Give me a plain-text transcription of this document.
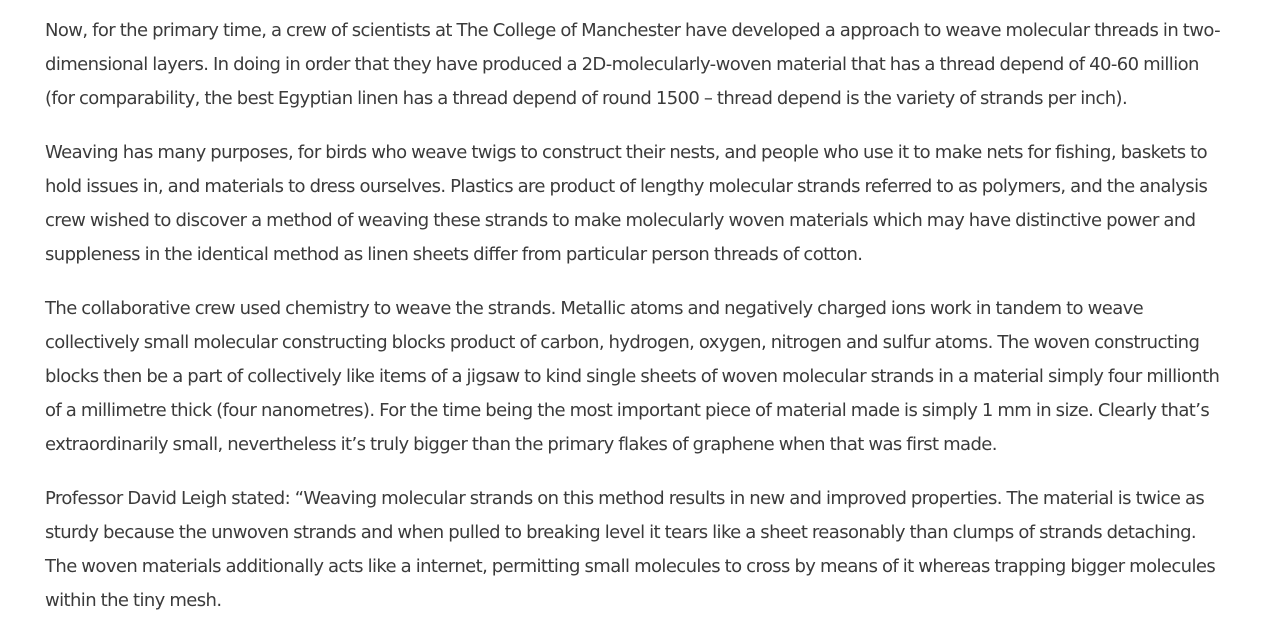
Now, for the primary time, a crew of scientists at The College of Manchester have developed a approach to weave molecular threads in two-dimensional layers. In doing in order that they have produced a 2D-molecularly-woven material that has a thread depend of 40-60 million (for comparability, the best Egyptian linen has a thread depend of round 1500 – thread depend is the variety of strands per inch).

Weaving has many purposes, for birds who weave twigs to construct their nests, and people who use it to make nets for fishing, baskets to hold issues in, and materials to dress ourselves. Plastics are product of lengthy molecular strands referred to as polymers, and the analysis crew wished to discover a method of weaving these strands to make molecularly woven materials which may have distinctive power and suppleness in the identical method as linen sheets differ from particular person threads of cotton.

The collaborative crew used chemistry to weave the strands. Metallic atoms and negatively charged ions work in tandem to weave collectively small molecular constructing blocks product of carbon, hydrogen, oxygen, nitrogen and sulfur atoms. The woven constructing blocks then be a part of collectively like items of a jigsaw to kind single sheets of woven molecular strands in a material simply four millionth of a millimetre thick (four nanometres). For the time being the most important piece of material made is simply 1 mm in size. Clearly that’s extraordinarily small, nevertheless it’s truly bigger than the primary flakes of graphene when that was first made.

Professor David Leigh stated: “Weaving molecular strands on this method results in new and improved properties. The material is twice as sturdy because the unwoven strands and when pulled to breaking level it tears like a sheet reasonably than clumps of strands detaching. The woven materials additionally acts like a internet, permitting small molecules to cross by means of it whereas trapping bigger molecules within the tiny mesh.
